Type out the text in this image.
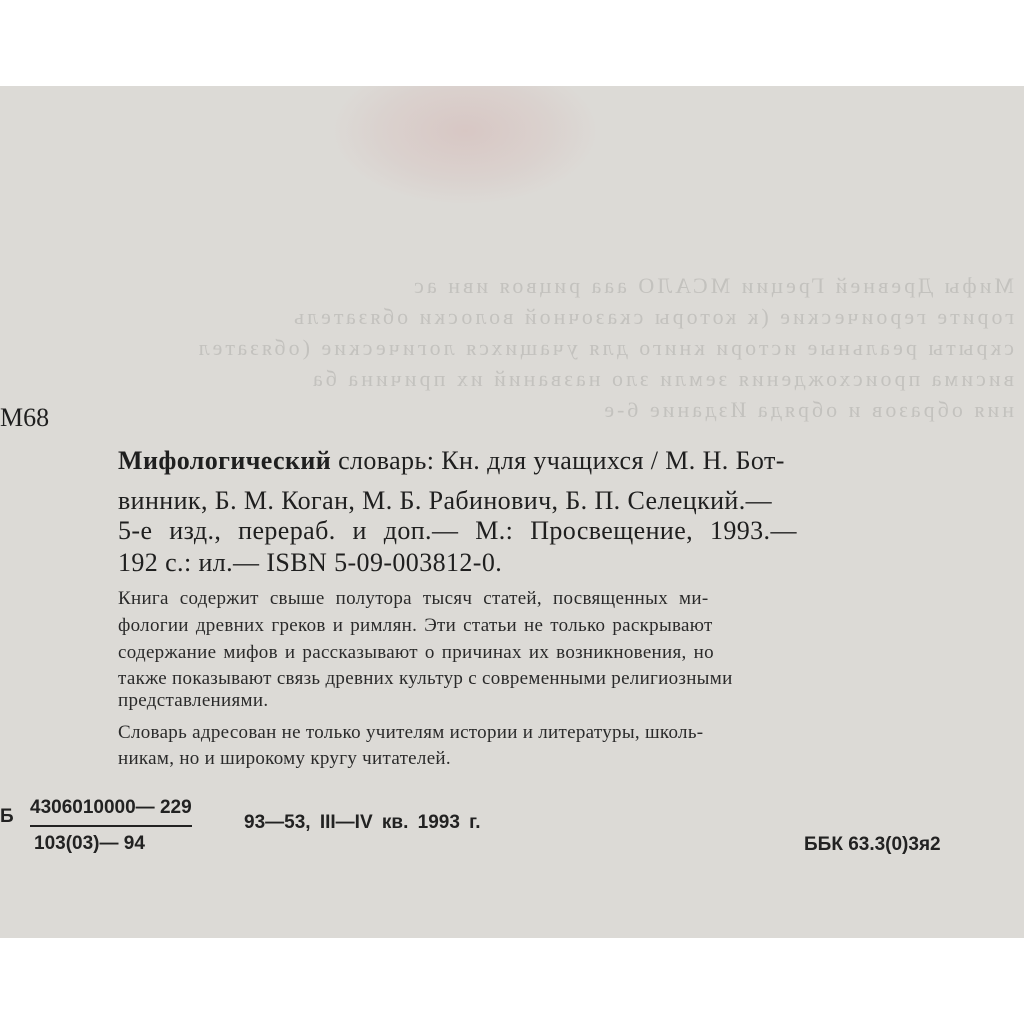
Мифы Древней Греции МСАЛО ааа рицвоя ивн ас
горите героические (к которы сказочной волоски обязатель
скрыты реальные истори книго для учащихся логические (обязател
висима происхождения земли зло названий их причина ба
ния образов и обряда Издание 6-е
Мифологический словарь: Кн. для учащихся / М. Н. Бот-
М68
винник, Б. М. Коган, М. Б. Рабинович, Б. П. Селецкий.—
5-е изд., перераб. и доп.— М.: Просвещение, 1993.—
192 с.: ил.— ISBN 5-09-003812-0.
Книга содержит свыше полутора тысяч статей, посвященных ми-
фологии древних греков и римлян. Эти статьи не только раскрывают
содержание мифов и рассказывают о причинах их возникновения, но
также показывают связь древних культур с современными религиозными
представлениями.
Словарь адресован не только учителям истории и литературы, школь-
никам, но и широкому кругу читателей.
Б 4306010000— 229
103(03)— 94
93—53, III—IV кв. 1993 г.
ББК 63.3(0)3я2
